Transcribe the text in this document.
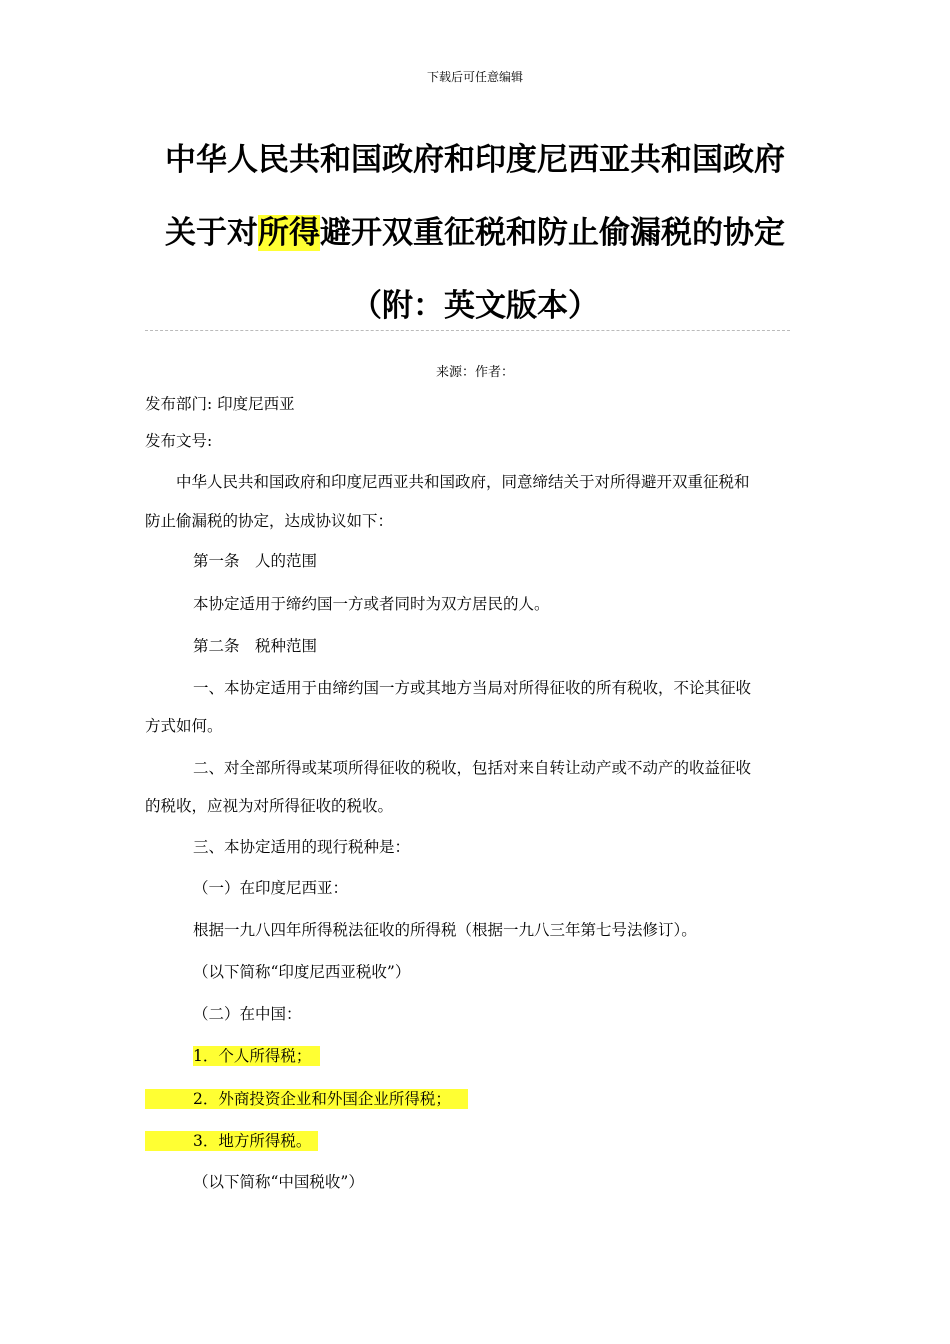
下载后可任意编辑
中华人民共和国政府和印度尼西亚共和国政府
关于对所得避开双重征税和防止偷漏税的协定
（附：英文版本）
来源：作者：
发布部门: 印度尼西亚
发布文号:
中华人民共和国政府和印度尼西亚共和国政府，同意缔结关于对所得避开双重征税和
防止偷漏税的协定，达成协议如下：
第一条　人的范围
本协定适用于缔约国一方或者同时为双方居民的人。
第二条　税种范围
一、本协定适用于由缔约国一方或其地方当局对所得征收的所有税收，不论其征收
方式如何。
二、对全部所得或某项所得征收的税收，包括对来自转让动产或不动产的收益征收
的税收，应视为对所得征收的税收。
三、本协定适用的现行税种是：
（一）在印度尼西亚：
根据一九八四年所得税法征收的所得税（根据一九八三年第七号法修订）。
（以下简称“印度尼西亚税收”）
（二）在中国：
1．个人所得税；
2．外商投资企业和外国企业所得税；
3．地方所得税。
（以下简称“中国税收”）
